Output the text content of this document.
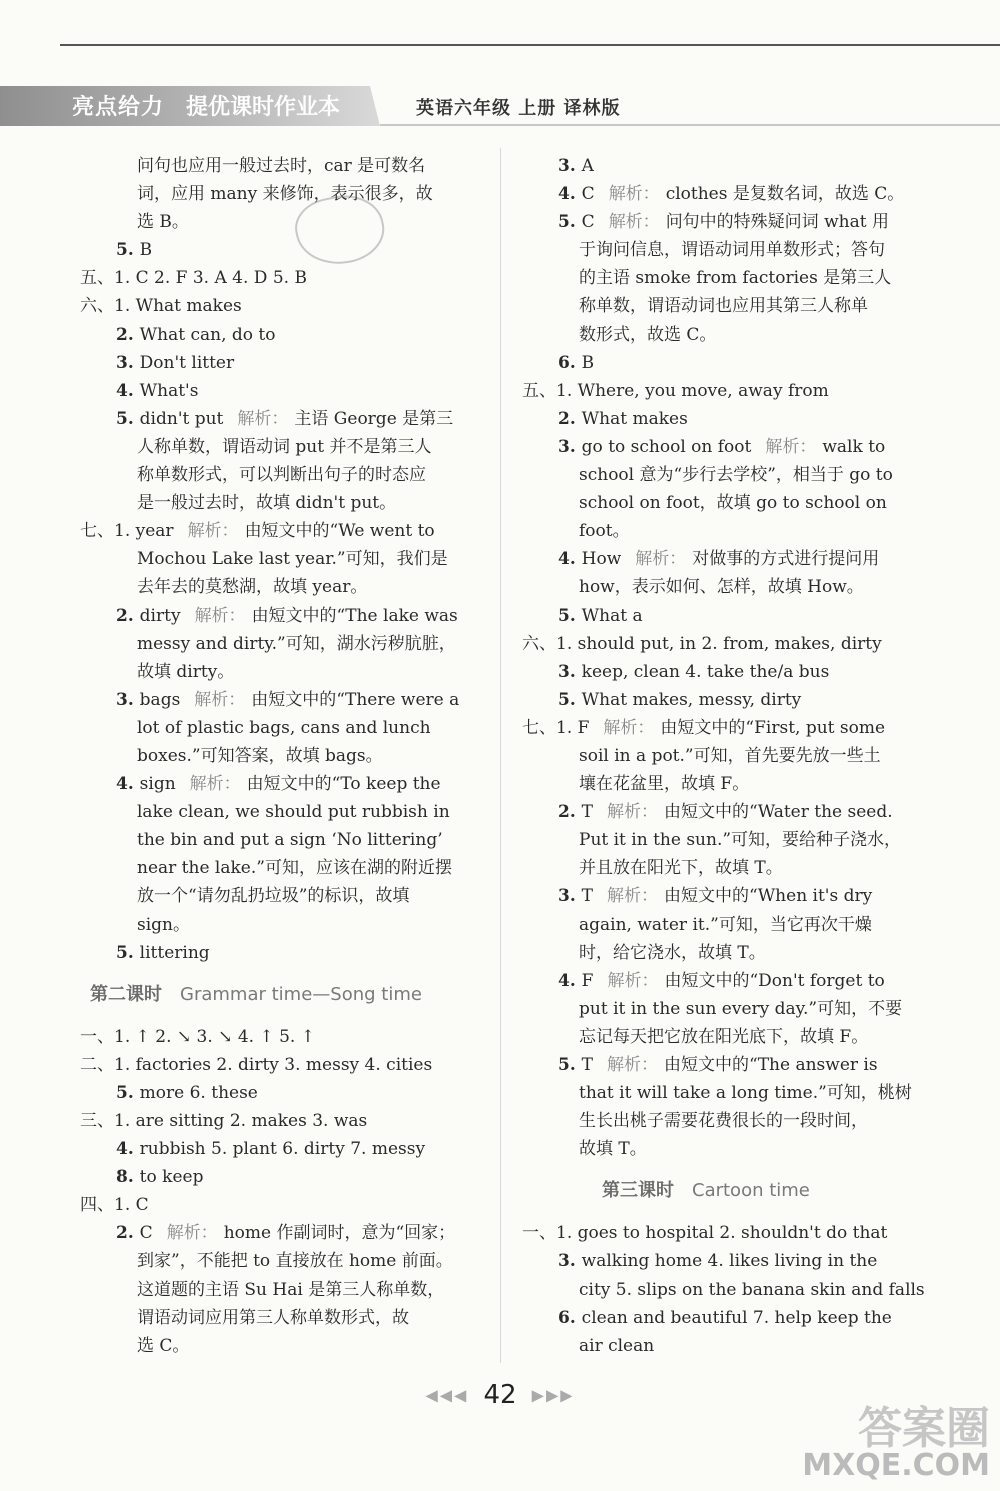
亮点给力 提优课时作业本	英语六年级 上册 译林版
问句也应用一般过去时，car 是可数名
词，应用 many 来修饰，表示很多，故
选 B。
5. B
五、1. C 2. F 3. A 4. D 5. B
六、1. What makes
2. What can, do to
3. Don't litter
4. What's
5. didn't put 解析： 主语 George 是第三
人称单数，谓语动词 put 并不是第三人
称单数形式，可以判断出句子的时态应
是一般过去时，故填 didn't put。
七、1. year 解析： 由短文中的“We went to
Mochou Lake last year.”可知，我们是
去年去的莫愁湖，故填 year。
2. dirty 解析： 由短文中的“The lake was
messy and dirty.”可知，湖水污秽肮脏，
故填 dirty。
3. bags 解析： 由短文中的“There were a
lot of plastic bags, cans and lunch
boxes.”可知答案，故填 bags。
4. sign 解析： 由短文中的“To keep the
lake clean, we should put rubbish in
the bin and put a sign ‘No littering’
near the lake.”可知，应该在湖的附近摆
放一个“请勿乱扔垃圾”的标识，故填
sign。
5. littering
第二课时 Grammar time—Song time
一、1. ↑ 2. ↘ 3. ↘ 4. ↑ 5. ↑
二、1. factories 2. dirty 3. messy 4. cities
5. more 6. these
三、1. are sitting 2. makes 3. was
4. rubbish 5. plant 6. dirty 7. messy
8. to keep
四、1. C
2. C 解析： home 作副词时，意为“回家；
到家”，不能把 to 直接放在 home 前面。
这道题的主语 Su Hai 是第三人称单数，
谓语动词应用第三人称单数形式，故
选 C。
3. A
4. C 解析： clothes 是复数名词，故选 C。
5. C 解析： 问句中的特殊疑问词 what 用
于询问信息，谓语动词用单数形式；答句
的主语 smoke from factories 是第三人
称单数，谓语动词也应用其第三人称单
数形式，故选 C。
6. B
五、1. Where, you move, away from
2. What makes
3. go to school on foot 解析： walk to
school 意为“步行去学校”，相当于 go to
school on foot，故填 go to school on
foot。
4. How 解析： 对做事的方式进行提问用
how，表示如何、怎样，故填 How。
5. What a
六、1. should put, in 2. from, makes, dirty
3. keep, clean 4. take the/a bus
5. What makes, messy, dirty
七、1. F 解析： 由短文中的“First, put some
soil in a pot.”可知，首先要先放一些土
壤在花盆里，故填 F。
2. T 解析： 由短文中的“Water the seed.
Put it in the sun.”可知，要给种子浇水，
并且放在阳光下，故填 T。
3. T 解析： 由短文中的“When it's dry
again, water it.”可知，当它再次干燥
时，给它浇水，故填 T。
4. F 解析： 由短文中的“Don't forget to
put it in the sun every day.”可知，不要
忘记每天把它放在阳光底下，故填 F。
5. T 解析： 由短文中的“The answer is
that it will take a long time.”可知，桃树
生长出桃子需要花费很长的一段时间，
故填 T。
第三课时 Cartoon time
一、1. goes to hospital 2. shouldn't do that
3. walking home 4. likes living in the
city 5. slips on the banana skin and falls
6. clean and beautiful 7. help keep the
air clean
◀◀◀ 42 ▶▶▶
答案圈
MXQE.COM
